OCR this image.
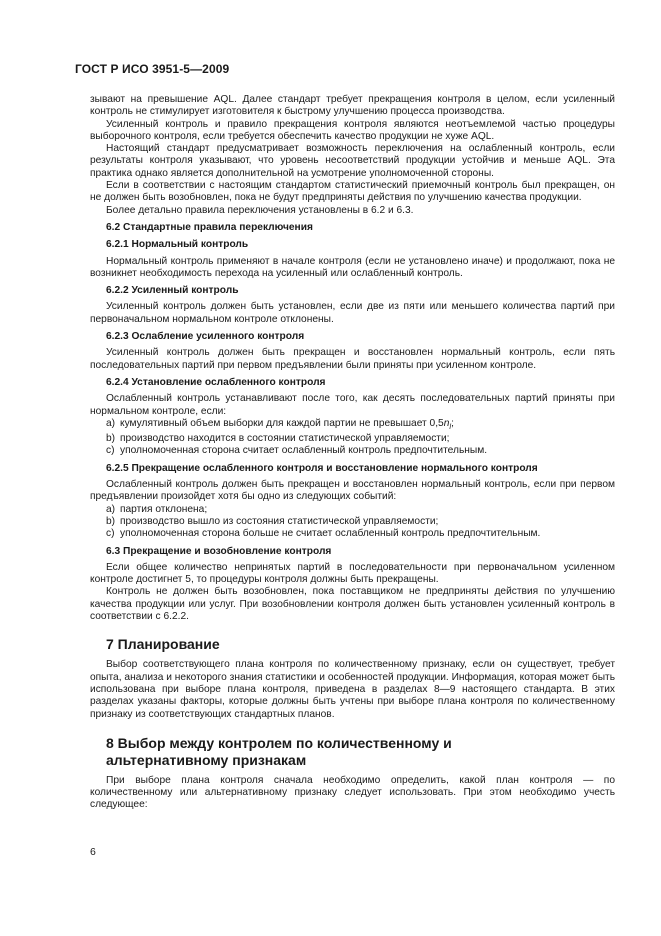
ГОСТ Р ИСО 3951-5—2009

зывают на превышение AQL. Далее стандарт требует прекращения контроля в целом, если усиленный контроль не стимулирует изготовителя к быстрому улучшению процесса производства.

Усиленный контроль и правило прекращения контроля являются неотъемлемой частью процедуры выборочного контроля, если требуется обеспечить качество продукции не хуже AQL.

Настоящий стандарт предусматривает возможность переключения на ослабленный контроль, если результаты контроля указывают, что уровень несоответствий продукции устойчив и меньше AQL. Эта практика однако является дополнительной на усмотрение уполномоченной стороны.

Если в соответствии с настоящим стандартом статистический приемочный контроль был прекращен, он не должен быть возобновлен, пока не будут предприняты действия по улучшению качества продукции.

Более детально правила переключения установлены в 6.2 и 6.3.

6.2 Стандартные правила переключения
6.2.1 Нормальный контроль

Нормальный контроль применяют в начале контроля (если не установлено иначе) и продолжают, пока не возникнет необходимость перехода на усиленный или ослабленный контроль.

6.2.2 Усиленный контроль

Усиленный контроль должен быть установлен, если две из пяти или меньшего количества партий при первоначальном нормальном контроле отклонены.

6.2.3 Ослабление усиленного контроля

Усиленный контроль должен быть прекращен и восстановлен нормальный контроль, если пять последовательных партий при первом предъявлении были приняты при усиленном контроле.

6.2.4 Установление ослабленного контроля

Ослабленный контроль устанавливают после того, как десять последовательных партий приняты при нормальном контроле, если:

a) кумулятивный объем выборки для каждой партии не превышает $0,5n_l$;
b) производство находится в состоянии статистической управляемости;
c) уполномоченная сторона считает ослабленный контроль предпочтительным.
6.2.5 Прекращение ослабленного контроля и восстановление нормального контроля

Ослабленный контроль должен быть прекращен и восстановлен нормальный контроль, если при первом предъявлении произойдет хотя бы одно из следующих событий:

a) партия отклонена;
b) производство вышло из состояния статистической управляемости;
c) уполномоченная сторона больше не считает ослабленный контроль предпочтительным.
6.3 Прекращение и возобновление контроля

Если общее количество непринятых партий в последовательности при первоначальном усиленном контроле достигнет 5, то процедуры контроля должны быть прекращены.

Контроль не должен быть возобновлен, пока поставщиком не предприняты действия по улучшению качества продукции или услуг. При возобновлении контроля должен быть установлен усиленный контроль в соответствии с 6.2.2.

7 Планирование

Выбор соответствующего плана контроля по количественному признаку, если он существует, требует опыта, анализа и некоторого знания статистики и особенностей продукции. Информация, которая может быть использована при выборе плана контроля, приведена в разделах 8—9 настоящего стандарта. В этих разделах указаны факторы, которые должны быть учтены при выборе плана контроля по количественному признаку из соответствующих стандартных планов.

8 Выбор между контролем по количественному и альтернативному признакам

При выборе плана контроля сначала необходимо определить, какой план контроля — по количественному или альтернативному признаку следует использовать. При этом необходимо учесть следующее:

6
